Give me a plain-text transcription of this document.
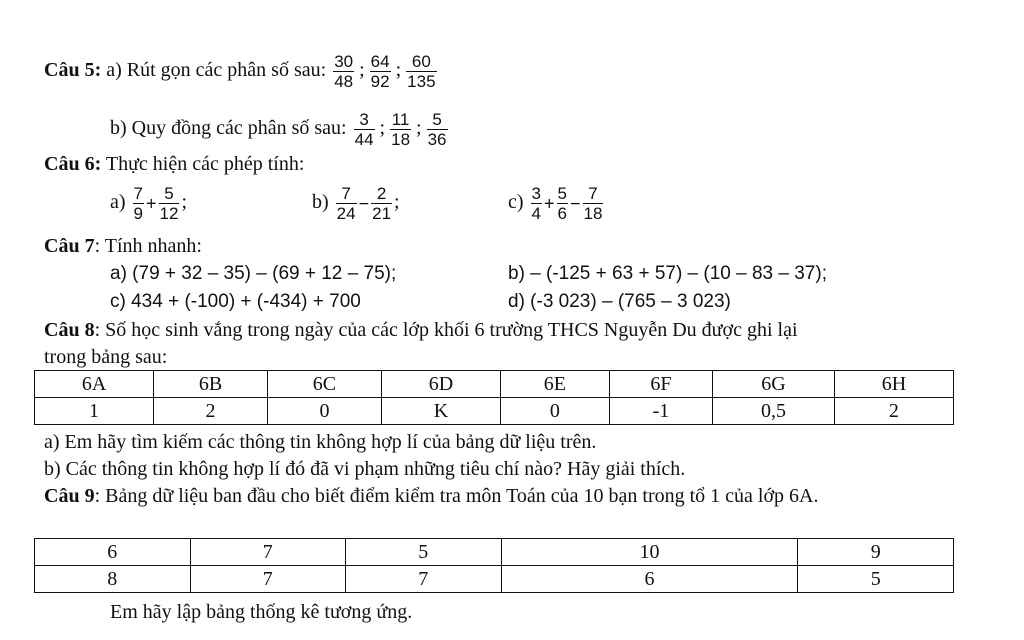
Câu 5: a) Rút gọn các phân số sau: $\frac{30}{48}$ ; $\frac{64}{92}$ ; $\frac{60}{135}$
b) Quy đồng các phân số sau: $\frac{3}{44}$ ; $\frac{11}{18}$ ; $\frac{5}{36}$
Câu 6: Thực hiện các phép tính:
$a) \frac{7}{9} + \frac{5}{12}$ ;	$b) \frac{7}{24} - \frac{2}{21}$ ;	$c) \frac{3}{4} + \frac{5}{6} - \frac{7}{18}$
Câu 7: Tính nhanh:
a) (79 + 32 – 35) – (69 + 12 – 75);	b) – (-125 + 63 + 57) – (10 – 83 – 37);
c) 434 + (-100) + (-434) + 700	d) (-3 023) – (765 – 3 023)
Câu 8: Số học sinh vắng trong ngày của các lớp khối 6 trường THCS Nguyễn Du được ghi lại
trong bảng sau:
6A	6B	6C	6D	6E	6F	6G	6H
1	2	0	K	0	-1	0,5	2
a) Em hãy tìm kiếm các thông tin không hợp lí của bảng dữ liệu trên.
b) Các thông tin không hợp lí đó đã vi phạm những tiêu chí nào? Hãy giải thích.
Câu 9: Bảng dữ liệu ban đầu cho biết điểm kiểm tra môn Toán của 10 bạn trong tổ 1 của lớp 6A.
6	7	5	10	9
8	7	7	6	5
Em hãy lập bảng thống kê tương ứng.
